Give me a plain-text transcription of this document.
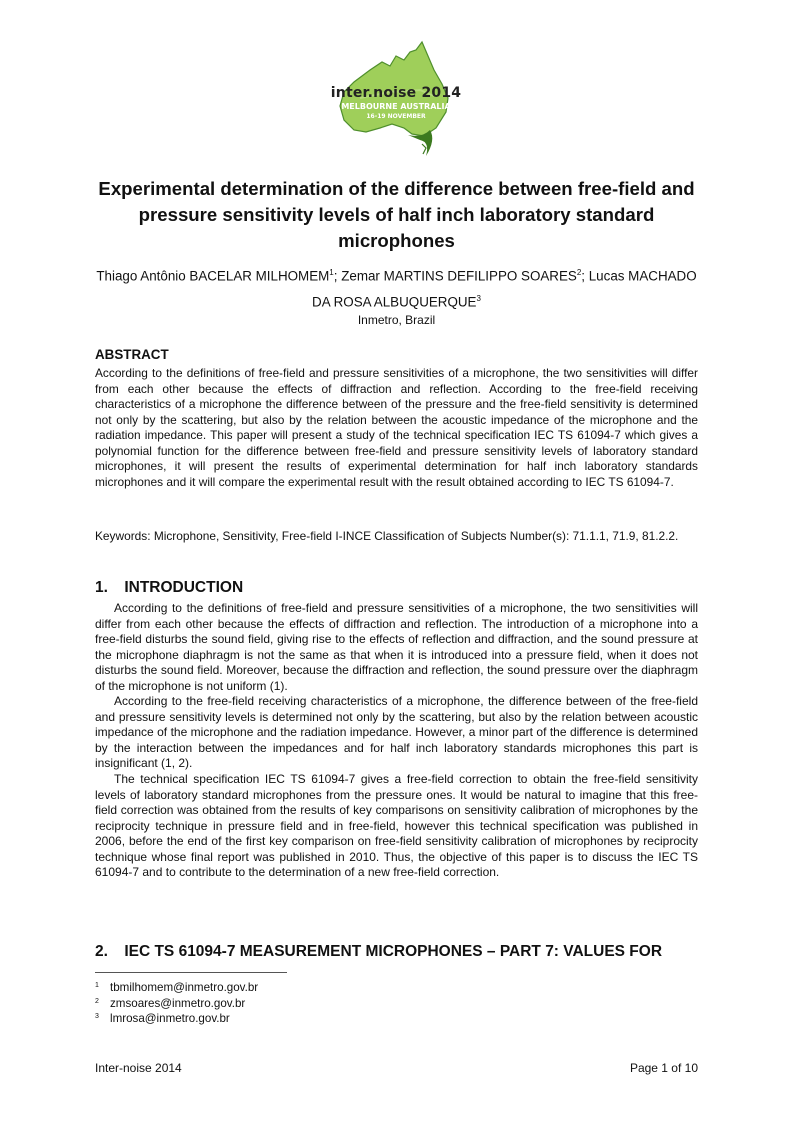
inter.noise 2014
MELBOURNE AUSTRALIA
16-19 NOVEMBER
Experimental determination of the difference between free-field and pressure sensitivity levels of half inch laboratory standard microphones
Thiago Antônio BACELAR MILHOMEM$^1$; Zemar MARTINS DEFILIPPO SOARES$^2$; Lucas MACHADO DA ROSA ALBUQUERQUE$^3$
Inmetro, Brazil
ABSTRACT

According to the definitions of free-field and pressure sensitivities of a microphone, the two sensitivities will differ from each other because the effects of diffraction and reflection. According to the free-field receiving characteristics of a microphone the difference between of the pressure and the free-field sensitivity is determined not only by the scattering, but also by the relation between the acoustic impedance of the microphone and the radiation impedance. This paper will present a study of the technical specification IEC TS 61094-7 which gives a polynomial function for the difference between free-field and pressure sensitivity levels of laboratory standard microphones, it will present the results of experimental determination for half inch laboratory standards microphones and it will compare the experimental result with the result obtained according to IEC TS 61094-7.

Keywords: Microphone, Sensitivity, Free-field I-INCE Classification of Subjects Number(s): 71.1.1, 71.9, 81.2.2.

1. INTRODUCTION

According to the definitions of free-field and pressure sensitivities of a microphone, the two sensitivities will differ from each other because the effects of diffraction and reflection. The introduction of a microphone into a free-field disturbs the sound field, giving rise to the effects of reflection and diffraction, and the sound pressure at the microphone diaphragm is not the same as that when it is introduced into a pressure field, when it does not disturbs the sound field. Moreover, because the diffraction and reflection, the sound pressure over the diaphragm of the microphone is not uniform (1).

According to the free-field receiving characteristics of a microphone, the difference between of the free-field and pressure sensitivity levels is determined not only by the scattering, but also by the relation between acoustic impedance of the microphone and the radiation impedance. However, a minor part of the difference is determined by the interaction between the impedances and for half inch laboratory standards microphones this part is insignificant (1, 2).

The technical specification IEC TS 61094-7 gives a free-field correction to obtain the free-field sensitivity levels of laboratory standard microphones from the pressure ones. It would be natural to imagine that this free-field correction was obtained from the results of key comparisons on sensitivity calibration of microphones by the reciprocity technique in pressure field and in free-field, however this technical specification was published in 2006, before the end of the first key comparison on free-field sensitivity calibration of microphones by reciprocity technique whose final report was published in 2010. Thus, the objective of this paper is to discuss the IEC TS 61094-7 and to contribute to the determination of a new free-field correction.

2. IEC TS 61094-7 MEASUREMENT MICROPHONES – PART 7: VALUES FOR
$^1$ tbmilhomem@inmetro.gov.br
$^2$ zmsoares@inmetro.gov.br
$^3$ lmrosa@inmetro.gov.br
Inter-noise 2014	Page 1 of 10
